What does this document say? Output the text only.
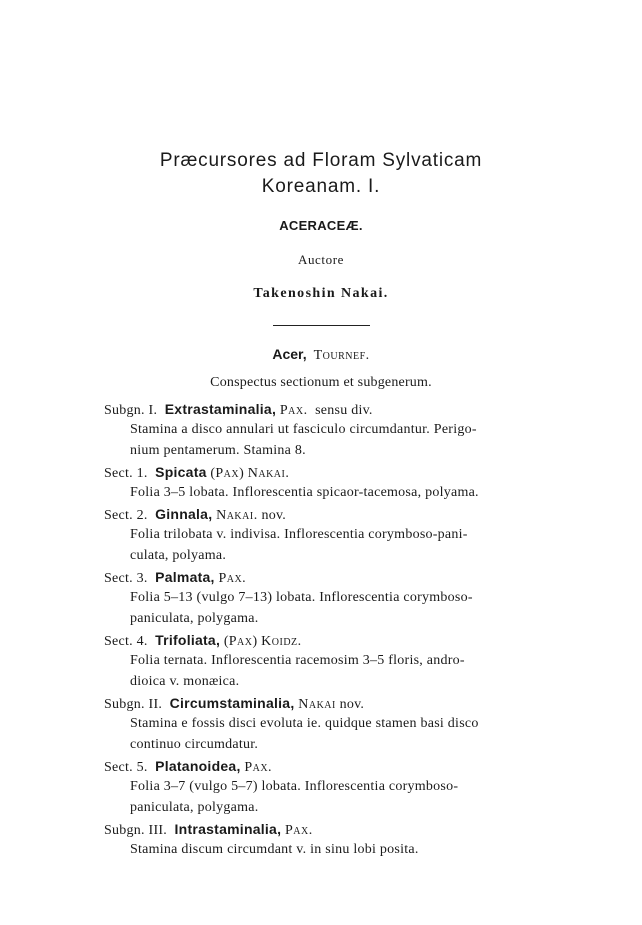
Præcursores ad Floram Sylvaticam
Koreanam. I.
ACERACEÆ.
Auctore
Takenoshin Nakai.
Acer, Tournef.
Conspectus sectionum et subgenerum.
Subgn. I. Extrastaminalia, Pax. sensu div.
Stamina a disco annulari ut fasciculo circumdantur. Perigo-
nium pentamerum. Stamina 8.
Sect. 1. Spicata (Pax) Nakai.
Folia 3–5 lobata. Inflorescentia spicaor-tacemosa, polyama.
Sect. 2. Ginnala, Nakai. nov.
Folia trilobata v. indivisa. Inflorescentia corymboso-pani-
culata, polyama.
Sect. 3. Palmata, Pax.
Folia 5–13 (vulgo 7–13) lobata. Inflorescentia corymboso-
paniculata, polygama.
Sect. 4. Trifoliata, (Pax) Koidz.
Folia ternata. Inflorescentia racemosim 3–5 floris, andro-
dioica v. monæica.
Subgn. II. Circumstaminalia, Nakai nov.
Stamina e fossis disci evoluta ie. quidque stamen basi disco
continuo circumdatur.
Sect. 5. Platanoidea, Pax.
Folia 3–7 (vulgo 5–7) lobata. Inflorescentia corymboso-
paniculata, polygama.
Subgn. III. Intrastaminalia, Pax.
Stamina discum circumdant v. in sinu lobi posita.
